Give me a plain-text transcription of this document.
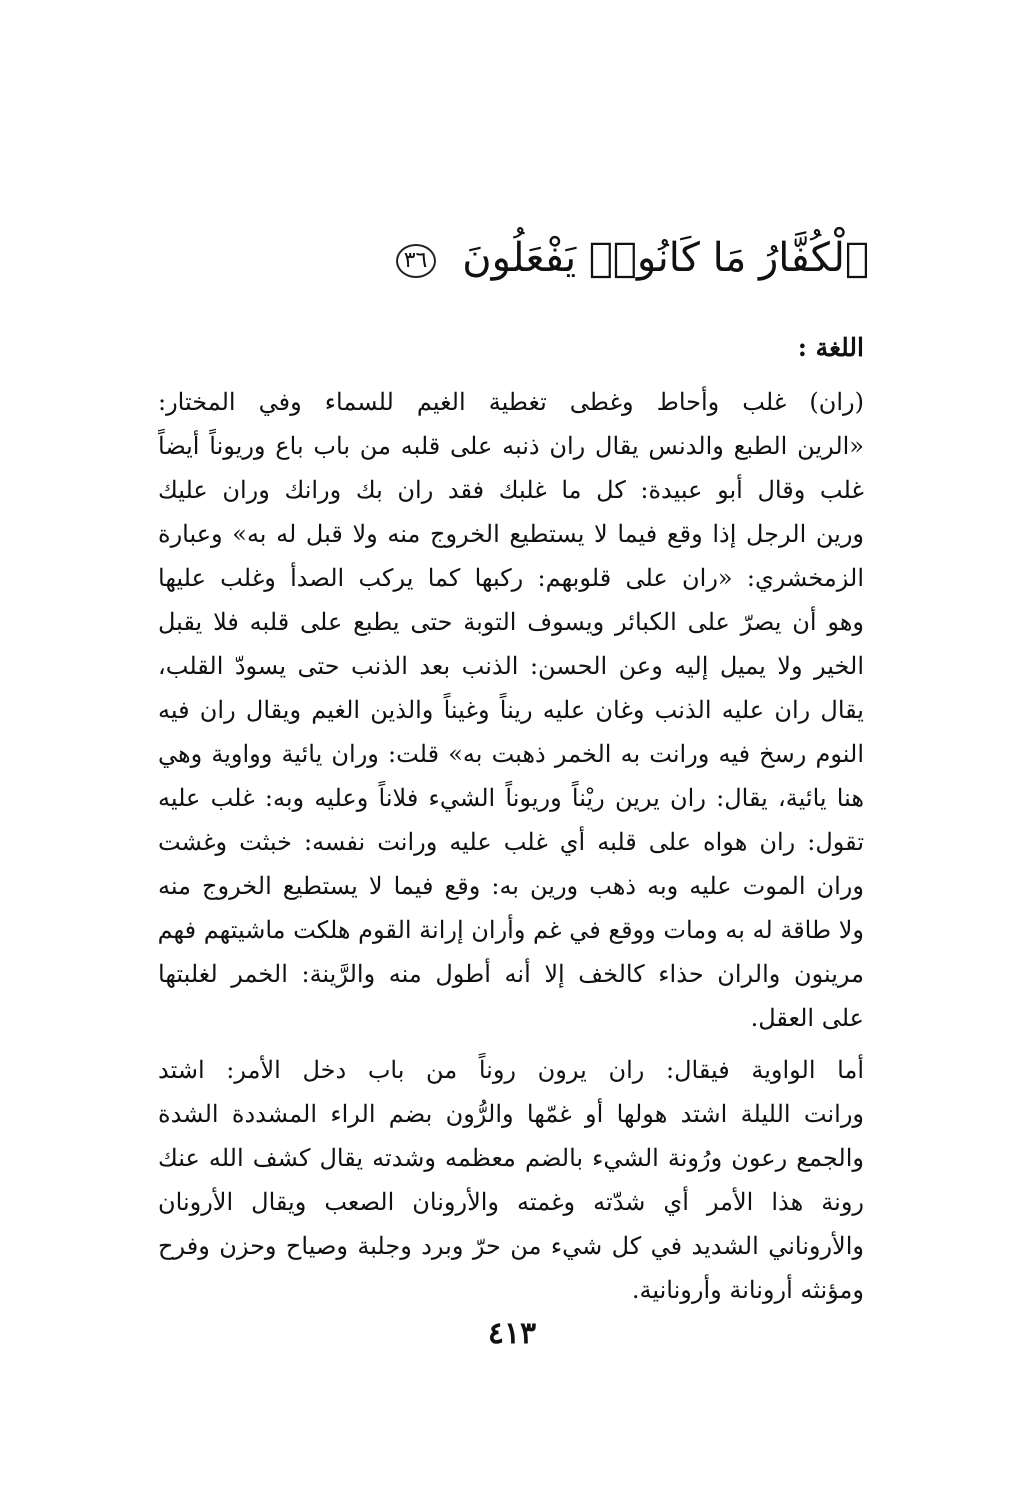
ٱلْكُفَّارُ مَا كَانُوا۟ يَفْعَلُونَ ٣٦
اللغة :
(ران) غلب وأحاط وغطى تغطية الغيم للسماء وفي المختار:
«الرين الطبع والدنس يقال ران ذنبه على قلبه من باب باع وريوناً أيضاً
غلب وقال أبو عبيدة: كل ما غلبك فقد ران بك ورانك وران عليك
ورين الرجل إذا وقع فيما لا يستطيع الخروج منه ولا قبل له به» وعبارة
الزمخشري: «ران على قلوبهم: ركبها كما يركب الصدأ وغلب عليها
وهو أن يصرّ على الكبائر ويسوف التوبة حتى يطبع على قلبه فلا يقبل
الخير ولا يميل إليه وعن الحسن: الذنب بعد الذنب حتى يسودّ القلب،
يقال ران عليه الذنب وغان عليه ريناً وغيناً والذين الغيم ويقال ران فيه
النوم رسخ فيه ورانت به الخمر ذهبت به» قلت: وران يائية وواوية وهي
هنا يائية، يقال: ران يرين ريْناً وريوناً الشيء فلاناً وعليه وبه: غلب عليه
تقول: ران هواه على قلبه أي غلب عليه ورانت نفسه: خبثت وغشت
وران الموت عليه وبه ذهب ورين به: وقع فيما لا يستطيع الخروج منه
ولا طاقة له به ومات ووقع في غم وأران إرانة القوم هلكت ماشيتهم فهم
مرينون والران حذاء كالخف إلا أنه أطول منه والرَّينة: الخمر لغلبتها
على العقل.
أما الواوية فيقال: ران يرون روناً من باب دخل الأمر: اشتد
ورانت الليلة اشتد هولها أو غمّها والرُّون بضم الراء المشددة الشدة
والجمع رعون ورُونة الشيء بالضم معظمه وشدته يقال كشف الله عنك
رونة هذا الأمر أي شدّته وغمته والأرونان الصعب ويقال الأرونان
والأروناني الشديد في كل شيء من حرّ وبرد وجلبة وصياح وحزن وفرح
ومؤنثه أرونانة وأرونانية.
٤١٣
